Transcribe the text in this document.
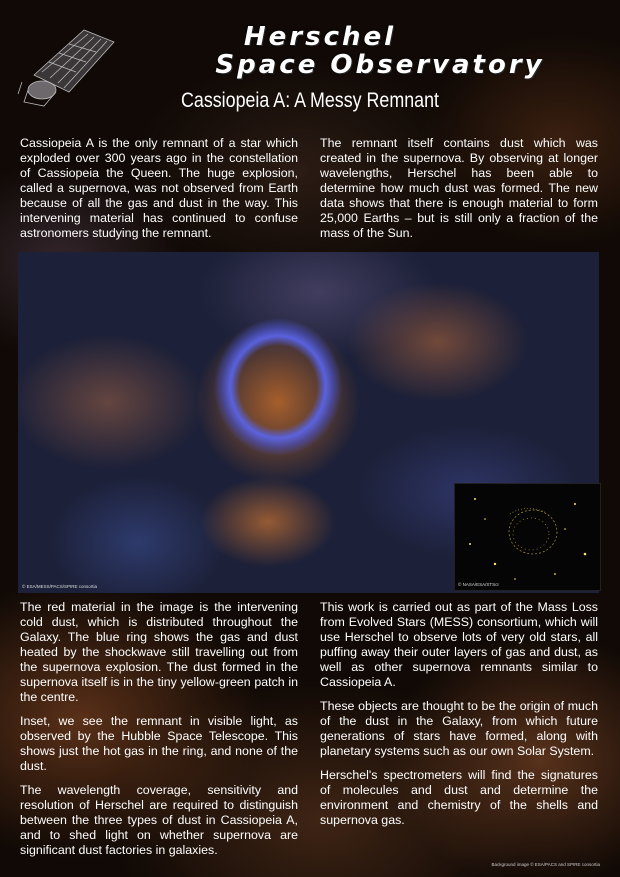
Herschel
Space Observatory
Cassiopeia A: A Messy Remnant

Cassiopeia A is the only remnant of a star which exploded over 300 years ago in the constellation of Cassiopeia the Queen. The huge explosion, called a supernova, was not observed from Earth because of all the gas and dust in the way. This intervening material has continued to confuse astronomers studying the remnant.

The remnant itself contains dust which was created in the supernova. By observing at longer wavelengths, Herschel has been able to determine how much dust was formed. The new data shows that there is enough material to form 25,000 Earths – but is still only a fraction of the mass of the Sun.

© ESA/MESS/PACS/SPIRE consortia	© NASA/ESA/STScI

The red material in the image is the intervening cold dust, which is distributed throughout the Galaxy. The blue ring shows the gas and dust heated by the shockwave still travelling out from the supernova explosion. The dust formed in the supernova itself is in the tiny yellow-green patch in the centre.

Inset, we see the remnant in visible light, as observed by the Hubble Space Telescope. This shows just the hot gas in the ring, and none of the dust.

The wavelength coverage, sensitivity and resolution of Herschel are required to distinguish between the three types of dust in Cassiopeia A, and to shed light on whether supernova are significant dust factories in galaxies.

This work is carried out as part of the Mass Loss from Evolved Stars (MESS) consortium, which will use Herschel to observe lots of very old stars, all puffing away their outer layers of gas and dust, as well as other supernova remnants similar to Cassiopeia A.

These objects are thought to be the origin of much of the dust in the Galaxy, from which future generations of stars have formed, along with planetary systems such as our own Solar System.

Herschel's spectrometers will find the signatures of molecules and dust and determine the environment and chemistry of the shells and supernova gas.

Background image © ESA/PACS and SPIRE consortia
